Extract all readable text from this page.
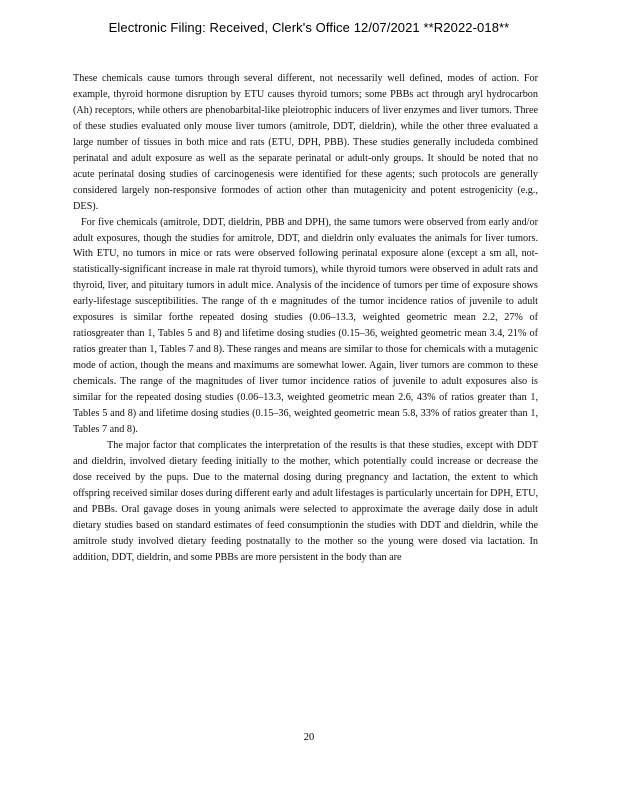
Electronic Filing: Received, Clerk's Office 12/07/2021 **R2022-018**

These chemicals cause tumors through several different, not necessarily well defined, modes of action. For example, thyroid hormone disruption by ETU causes thyroid tumors; some PBBs act through aryl hydrocarbon (Ah) receptors, while others are phenobarbital-like pleiotrophic inducers of liver enzymes and liver tumors. Three of these studies evaluated only mouse liver tumors (amitrole, DDT, dieldrin), while the other three evaluated a large number of tissues in both mice and rats (ETU, DPH, PBB). These studies generally includeda combined perinatal and adult exposure as well as the separate perinatal or adult-only groups. It should be noted that no acute perinatal dosing studies of carcinogenesis were identified for these agents; such protocols are generally considered largely non-responsive formodes of action other than mutagenicity and potent estrogenicity (e.g., DES).

For five chemicals (amitrole, DDT, dieldrin, PBB and DPH), the same tumors were observed from early and/or adult exposures, though the studies for amitrole, DDT, and dieldrin only evaluates the animals for liver tumors. With ETU, no tumors in mice or rats were observed following perinatal exposure alone (except a sm all, not-statistically-significant increase in male rat thyroid tumors), while thyroid tumors were observed in adult rats and thyroid, liver, and pituitary tumors in adult mice. Analysis of the incidence of tumors per time of exposure shows early-lifestage susceptibilities. The range of th e magnitudes of the tumor incidence ratios of juvenile to adult exposures is similar forthe repeated dosing studies (0.06–13.3, weighted geometric mean 2.2, 27% of ratiosgreater than 1, Tables 5 and 8) and lifetime dosing studies (0.15–36, weighted geometric mean 3.4, 21% of ratios greater than 1, Tables 7 and 8). These ranges and means are similar to those for chemicals with a mutagenic mode of action, though the means and maximums are somewhat lower. Again, liver tumors are common to these chemicals. The range of the magnitudes of liver tumor incidence ratios of juvenile to adult exposures also is similar for the repeated dosing studies (0.06–13.3, weighted geometric mean 2.6, 43% of ratios greater than 1, Tables 5 and 8) and lifetime dosing studies (0.15–36, weighted geometric mean 5.8, 33% of ratios greater than 1, Tables 7 and 8).

The major factor that complicates the interpretation of the results is that these studies, except with DDT and dieldrin, involved dietary feeding initially to the mother, which potentially could increase or decrease the dose received by the pups. Due to the maternal dosing during pregnancy and lactation, the extent to which offspring received similar doses during different early and adult lifestages is particularly uncertain for DPH, ETU, and PBBs. Oral gavage doses in young animals were selected to approximate the average daily dose in adult dietary studies based on standard estimates of feed consumptionin the studies with DDT and dieldrin, while the amitrole study involved dietary feeding postnatally to the mother so the young were dosed via lactation. In addition, DDT, dieldrin, and some PBBs are more persistent in the body than are

20
